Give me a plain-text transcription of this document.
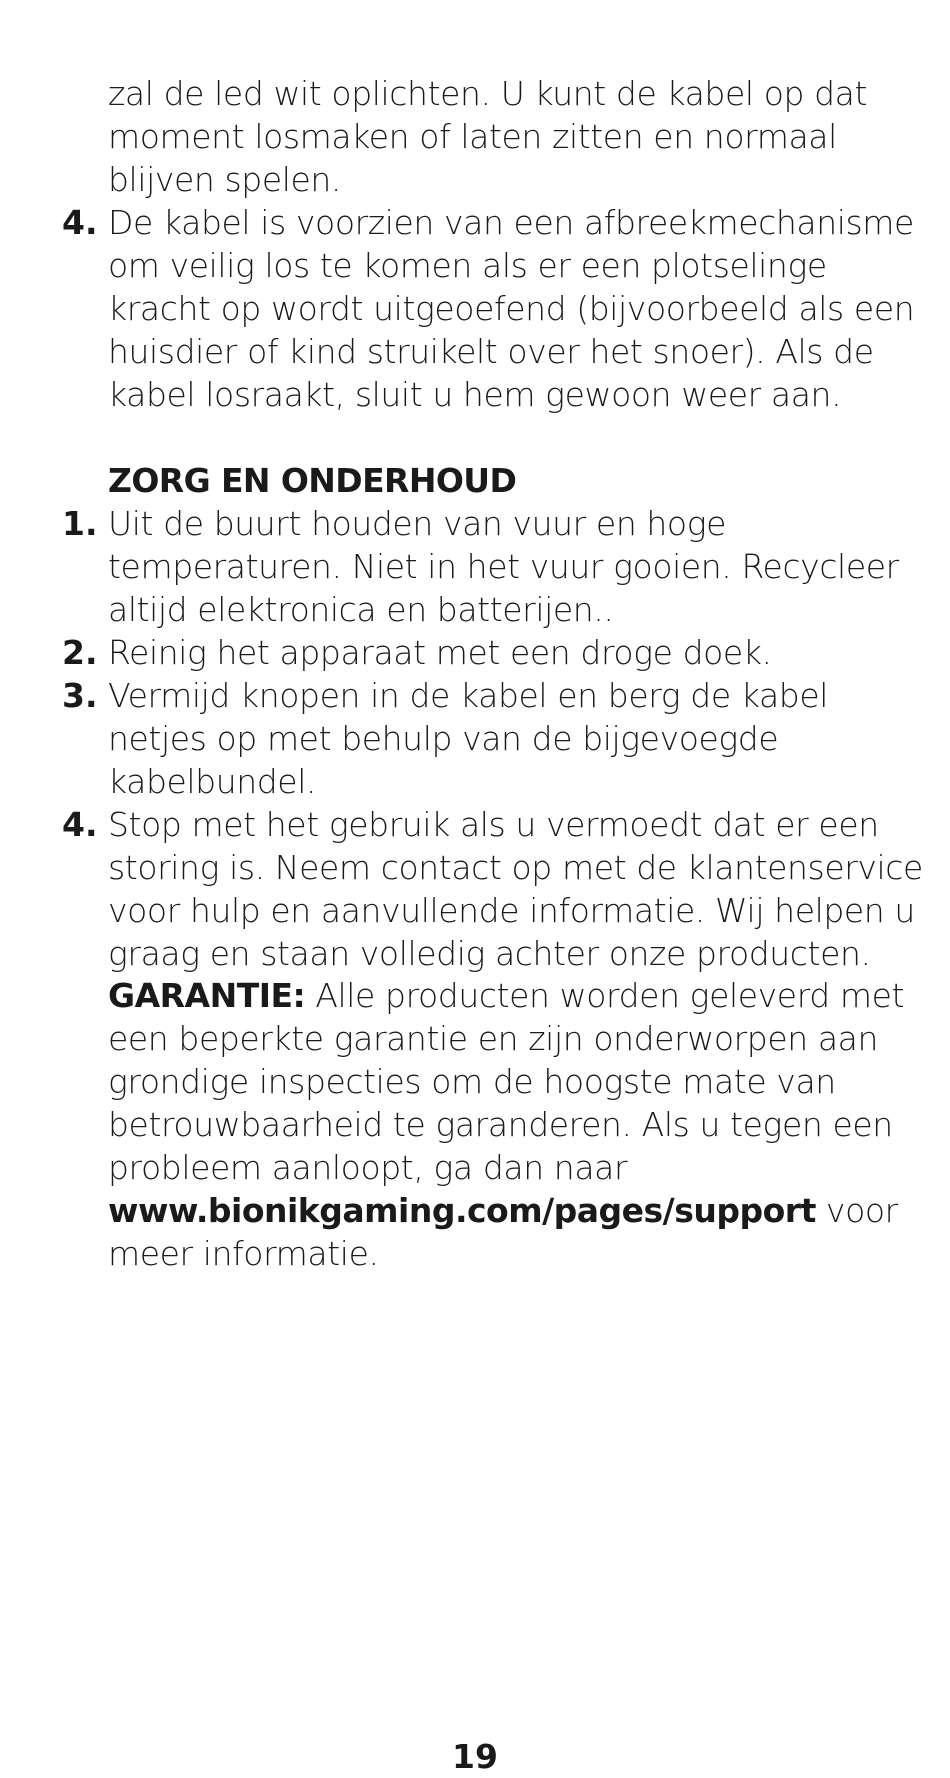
zal de led wit oplichten. U kunt de kabel op dat moment losmaken of laten zitten en normaal blijven spelen.
4. De kabel is voorzien van een afbreekmechanisme om veilig los te komen als er een plotselinge kracht op wordt uitgeoefend (bijvoorbeeld als een huisdier of kind struikelt over het snoer). Als de kabel losraakt, sluit u hem gewoon weer aan.
ZORG EN ONDERHOUD
1. Uit de buurt houden van vuur en hoge temperaturen. Niet in het vuur gooien. Recycleer altijd elektronica en batterijen..
2. Reinig het apparaat met een droge doek.
3. Vermijd knopen in de kabel en berg de kabel netjes op met behulp van de bijgevoegde kabelbundel.
4. Stop met het gebruik als u vermoedt dat er een storing is. Neem contact op met de klantenservice voor hulp en aanvullende informatie. Wij helpen u graag en staan volledig achter onze producten.
GARANTIE: Alle producten worden geleverd met een beperkte garantie en zijn onderworpen aan grondige inspecties om de hoogste mate van betrouwbaarheid te garanderen. Als u tegen een probleem aanloopt, ga dan naar www.bionikgaming.com/pages/support voor meer informatie.
19
